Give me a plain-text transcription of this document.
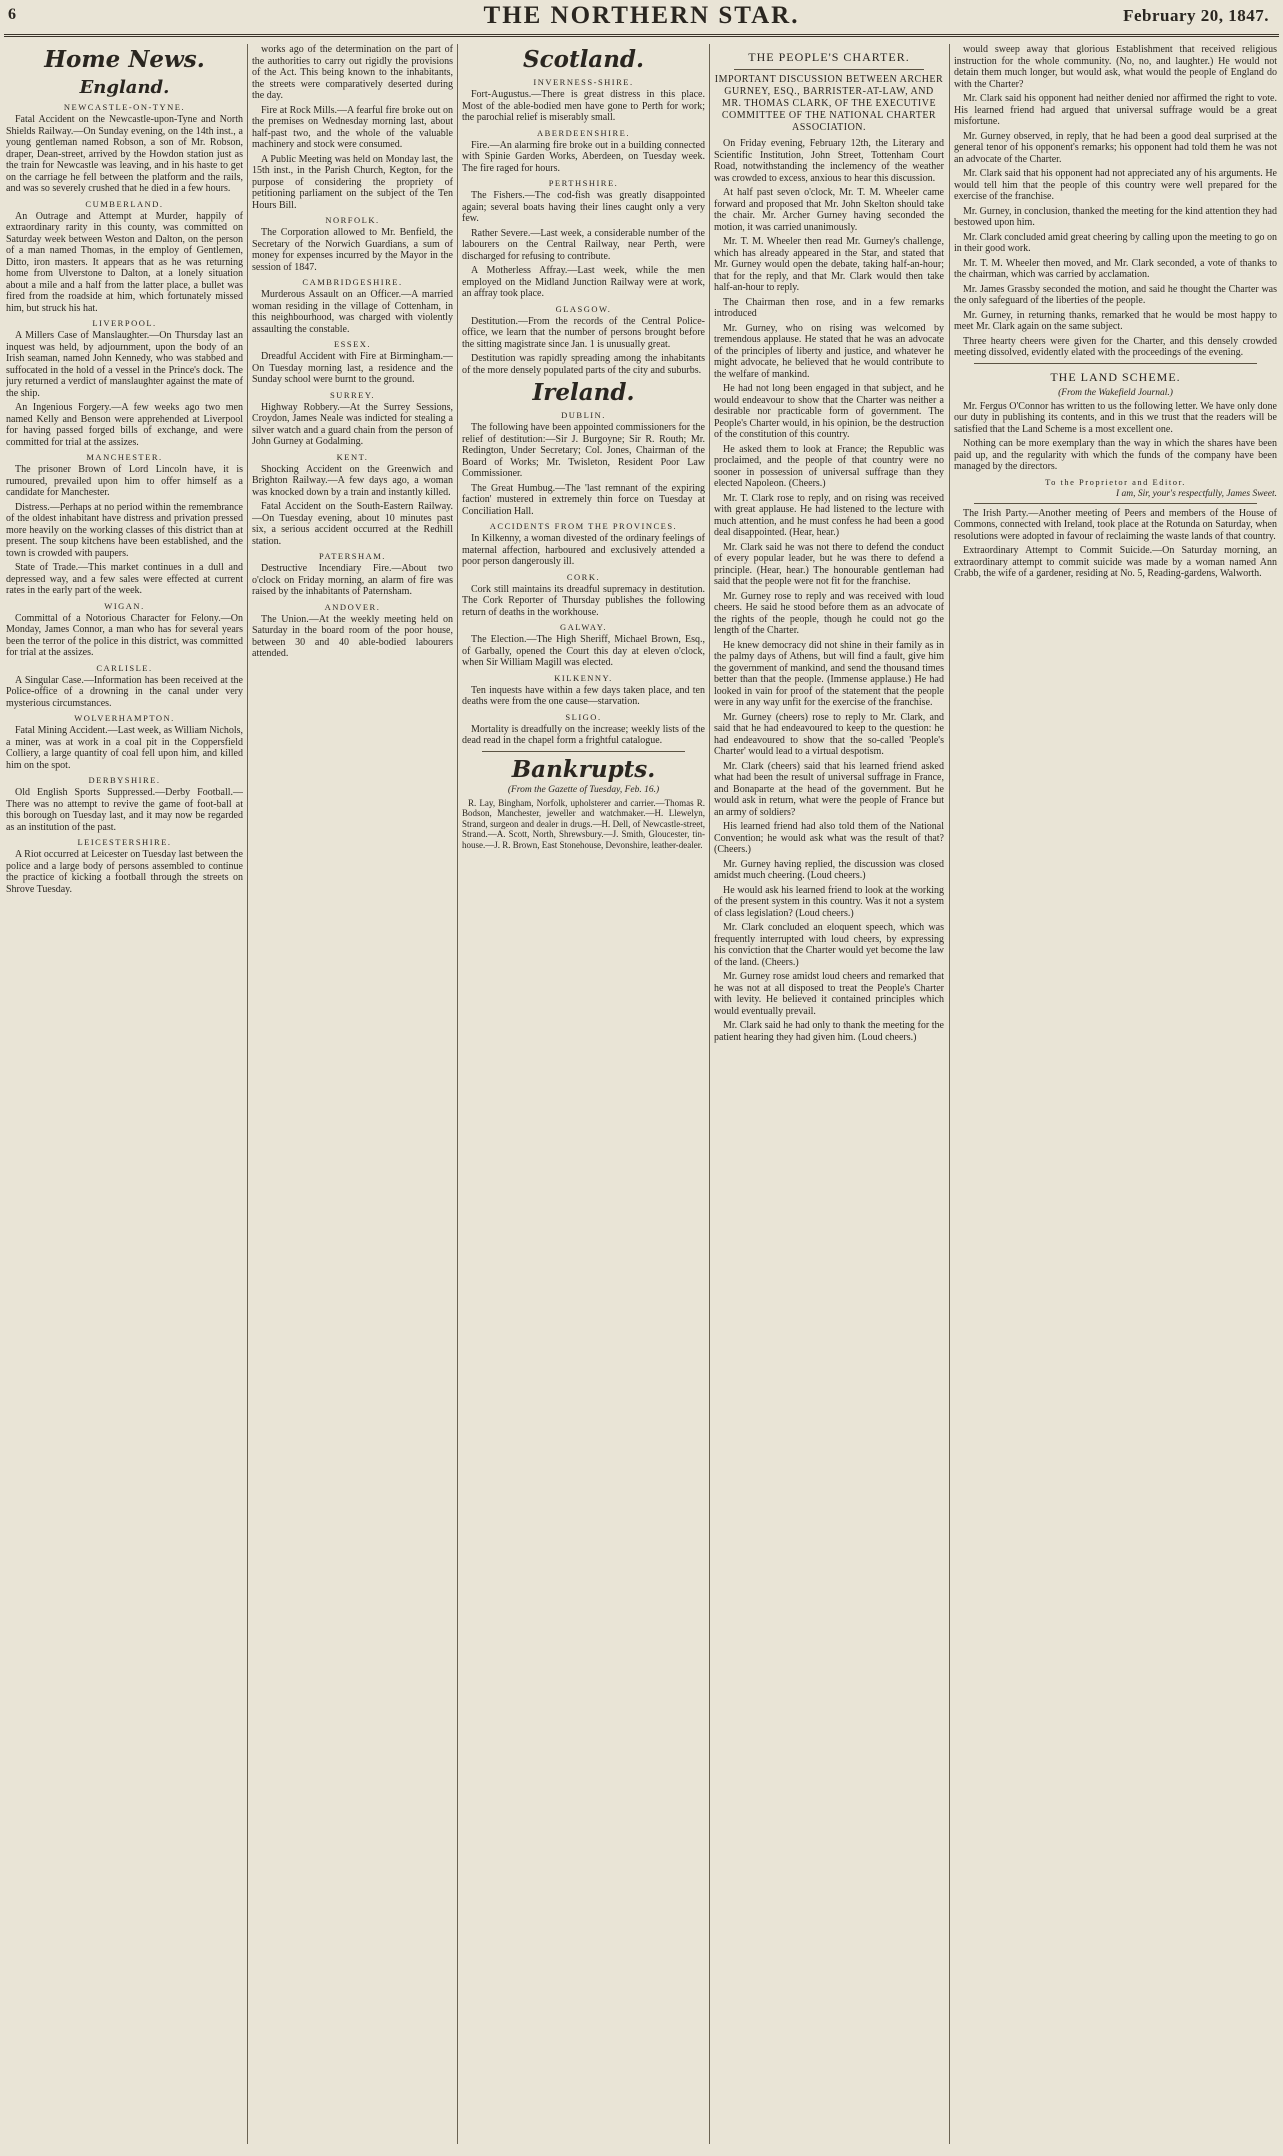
6	THE NORTHERN STAR.	February 20, 1847.
Home News.
England.
NEWCASTLE-ON-TYNE.

Fatal Accident on the Newcastle-upon-Tyne and North Shields Railway.—On Sunday evening, on the 14th inst., a young gentleman named Robson, a son of Mr. Robson, draper, Dean-street, arrived by the Howdon station just as the train for Newcastle was leaving, and in his haste to get on the carriage he fell between the platform and the rails, and was so severely crushed that he died in a few hours.

CUMBERLAND.

An Outrage and Attempt at Murder, happily of extraordinary rarity in this county, was committed on Saturday week between Weston and Dalton, on the person of a man named Thomas, in the employ of Gentlemen, Ditto, iron masters. It appears that as he was returning home from Ulverstone to Dalton, at a lonely situation about a mile and a half from the latter place, a bullet was fired from the roadside at him, which fortunately missed him, but struck his hat.

LIVERPOOL.

A Millers Case of Manslaughter.—On Thursday last an inquest was held, by adjournment, upon the body of an Irish seaman, named John Kennedy, who was stabbed and suffocated in the hold of a vessel in the Prince's dock. The jury returned a verdict of manslaughter against the mate of the ship.

An Ingenious Forgery.—A few weeks ago two men named Kelly and Benson were apprehended at Liverpool for having passed forged bills of exchange, and were committed for trial at the assizes.

MANCHESTER.

The prisoner Brown of Lord Lincoln have, it is rumoured, prevailed upon him to offer himself as a candidate for Manchester.

Distress.—Perhaps at no period within the remembrance of the oldest inhabitant have distress and privation pressed more heavily on the working classes of this district than at present. The soup kitchens have been established, and the town is crowded with paupers.

State of Trade.—This market continues in a dull and depressed way, and a few sales were effected at current rates in the early part of the week.

WIGAN.

Committal of a Notorious Character for Felony.—On Monday, James Connor, a man who has for several years been the terror of the police in this district, was committed for trial at the assizes.

CARLISLE.

A Singular Case.—Information has been received at the Police-office of a drowning in the canal under very mysterious circumstances.

WOLVERHAMPTON.

Fatal Mining Accident.—Last week, as William Nichols, a miner, was at work in a coal pit in the Coppersfield Colliery, a large quantity of coal fell upon him, and killed him on the spot.

DERBYSHIRE.

Old English Sports Suppressed.—Derby Football.—There was no attempt to revive the game of foot-ball at this borough on Tuesday last, and it may now be regarded as an institution of the past.

LEICESTERSHIRE.

A Riot occurred at Leicester on Tuesday last between the police and a large body of persons assembled to continue the practice of kicking a football through the streets on Shrove Tuesday.

works ago of the determination on the part of the authorities to carry out rigidly the provisions of the Act. This being known to the inhabitants, the streets were comparatively deserted during the day.

Fire at Rock Mills.—A fearful fire broke out on the premises on Wednesday morning last, about half-past two, and the whole of the valuable machinery and stock were consumed.

A Public Meeting was held on Monday last, the 15th inst., in the Parish Church, Kegton, for the purpose of considering the propriety of petitioning parliament on the subject of the Ten Hours Bill.

NORFOLK.

The Corporation allowed to Mr. Benfield, the Secretary of the Norwich Guardians, a sum of money for expenses incurred by the Mayor in the session of 1847.

CAMBRIDGESHIRE.

Murderous Assault on an Officer.—A married woman residing in the village of Cottenham, in this neighbourhood, was charged with violently assaulting the constable.

ESSEX.

Dreadful Accident with Fire at Birmingham.—On Tuesday morning last, a residence and the Sunday school were burnt to the ground.

SURREY.

Highway Robbery.—At the Surrey Sessions, Croydon, James Neale was indicted for stealing a silver watch and a guard chain from the person of John Gurney at Godalming.

KENT.

Shocking Accident on the Greenwich and Brighton Railway.—A few days ago, a woman was knocked down by a train and instantly killed.

Fatal Accident on the South-Eastern Railway.—On Tuesday evening, about 10 minutes past six, a serious accident occurred at the Redhill station.

PATERSHAM.

Destructive Incendiary Fire.—About two o'clock on Friday morning, an alarm of fire was raised by the inhabitants of Paternsham.

ANDOVER.

The Union.—At the weekly meeting held on Saturday in the board room of the poor house, between 30 and 40 able-bodied labourers attended.

Scotland.
INVERNESS-SHIRE.

Fort-Augustus.—There is great distress in this place. Most of the able-bodied men have gone to Perth for work; the parochial relief is miserably small.

ABERDEENSHIRE.

Fire.—An alarming fire broke out in a building connected with Spinie Garden Works, Aberdeen, on Tuesday week. The fire raged for hours.

PERTHSHIRE.

The Fishers.—The cod-fish was greatly disappointed again; several boats having their lines caught only a very few.

Rather Severe.—Last week, a considerable number of the labourers on the Central Railway, near Perth, were discharged for refusing to contribute.

A Motherless Affray.—Last week, while the men employed on the Midland Junction Railway were at work, an affray took place.

GLASGOW.

Destitution.—From the records of the Central Police-office, we learn that the number of persons brought before the sitting magistrate since Jan. 1 is unusually great.

Destitution was rapidly spreading among the inhabitants of the more densely populated parts of the city and suburbs.

Ireland.
DUBLIN.

The following have been appointed commissioners for the relief of destitution:—Sir J. Burgoyne; Sir R. Routh; Mr. Redington, Under Secretary; Col. Jones, Chairman of the Board of Works; Mr. Twisleton, Resident Poor Law Commissioner.

The Great Humbug.—The 'last remnant of the expiring faction' mustered in extremely thin force on Tuesday at Conciliation Hall.

ACCIDENTS FROM THE PROVINCES.

In Kilkenny, a woman divested of the ordinary feelings of maternal affection, harboured and exclusively attended a poor person dangerously ill.

CORK.

Cork still maintains its dreadful supremacy in destitution. The Cork Reporter of Thursday publishes the following return of deaths in the workhouse.

GALWAY.

The Election.—The High Sheriff, Michael Brown, Esq., of Garbally, opened the Court this day at eleven o'clock, when Sir William Magill was elected.

KILKENNY.

Ten inquests have within a few days taken place, and ten deaths were from the one cause—starvation.

SLIGO.

Mortality is dreadfully on the increase; weekly lists of the dead read in the chapel form a frightful catalogue.

Bankrupts.
(From the Gazette of Tuesday, Feb. 16.)
R. Lay, Bingham, Norfolk, upholsterer and carrier.—Thomas R. Bodson, Manchester, jeweller and watchmaker.—H. Llewelyn, Strand, surgeon and dealer in drugs.—H. Dell, of Newcastle-street, Strand.—A. Scott, North, Shrewsbury.—J. Smith, Gloucester, tin-house.—J. R. Brown, East Stonehouse, Devonshire, leather-dealer.
THE PEOPLE'S CHARTER.
IMPORTANT DISCUSSION BETWEEN ARCHER GURNEY, ESQ., BARRISTER-AT-LAW, AND MR. THOMAS CLARK, OF THE EXECUTIVE COMMITTEE OF THE NATIONAL CHARTER ASSOCIATION.

On Friday evening, February 12th, the Literary and Scientific Institution, John Street, Tottenham Court Road, notwithstanding the inclemency of the weather was crowded to excess, anxious to hear this discussion.

At half past seven o'clock, Mr. T. M. Wheeler came forward and proposed that Mr. John Skelton should take the chair. Mr. Archer Gurney having seconded the motion, it was carried unanimously.

Mr. T. M. Wheeler then read Mr. Gurney's challenge, which has already appeared in the Star, and stated that Mr. Gurney would open the debate, taking half-an-hour; that for the reply, and that Mr. Clark would then take half-an-hour to reply.

The Chairman then rose, and in a few remarks introduced

Mr. Gurney, who on rising was welcomed by tremendous applause. He stated that he was an advocate of the principles of liberty and justice, and whatever he might advocate, he believed that he would contribute to the welfare of mankind.

He had not long been engaged in that subject, and he would endeavour to show that the Charter was neither a desirable nor practicable form of government. The People's Charter would, in his opinion, be the destruction of the constitution of this country.

He asked them to look at France; the Republic was proclaimed, and the people of that country were no sooner in possession of universal suffrage than they elected Napoleon. (Cheers.)

Mr. T. Clark rose to reply, and on rising was received with great applause. He had listened to the lecture with much attention, and he must confess he had been a good deal disappointed. (Hear, hear.)

Mr. Clark said he was not there to defend the conduct of every popular leader, but he was there to defend a principle. (Hear, hear.) The honourable gentleman had said that the people were not fit for the franchise.

Mr. Gurney rose to reply and was received with loud cheers. He said he stood before them as an advocate of the rights of the people, though he could not go the length of the Charter.

He knew democracy did not shine in their family as in the palmy days of Athens, but will find a fault, give him the government of mankind, and send the thousand times better than that the people. (Immense applause.) He had looked in vain for proof of the statement that the people were in any way unfit for the exercise of the franchise.

Mr. Gurney (cheers) rose to reply to Mr. Clark, and said that he had endeavoured to keep to the question: he had endeavoured to show that the so-called 'People's Charter' would lead to a virtual despotism.

Mr. Clark (cheers) said that his learned friend asked what had been the result of universal suffrage in France, and Bonaparte at the head of the government. But he would ask in return, what were the people of France but an army of soldiers?

His learned friend had also told them of the National Convention; he would ask what was the result of that? (Cheers.)

Mr. Gurney having replied, the discussion was closed amidst much cheering. (Loud cheers.)

He would ask his learned friend to look at the working of the present system in this country. Was it not a system of class legislation? (Loud cheers.)

Mr. Clark concluded an eloquent speech, which was frequently interrupted with loud cheers, by expressing his conviction that the Charter would yet become the law of the land. (Cheers.)

Mr. Gurney rose amidst loud cheers and remarked that he was not at all disposed to treat the People's Charter with levity. He believed it contained principles which would eventually prevail.

Mr. Clark said he had only to thank the meeting for the patient hearing they had given him. (Loud cheers.)

would sweep away that glorious Establishment that received religious instruction for the whole community. (No, no, and laughter.) He would not detain them much longer, but would ask, what would the people of England do with the Charter?

Mr. Clark said his opponent had neither denied nor affirmed the right to vote. His learned friend had argued that universal suffrage would be a great misfortune.

Mr. Gurney observed, in reply, that he had been a good deal surprised at the general tenor of his opponent's remarks; his opponent had told them he was not an advocate of the Charter.

Mr. Clark said that his opponent had not appreciated any of his arguments. He would tell him that the people of this country were well prepared for the exercise of the franchise.

Mr. Gurney, in conclusion, thanked the meeting for the kind attention they had bestowed upon him.

Mr. Clark concluded amid great cheering by calling upon the meeting to go on in their good work.

Mr. T. M. Wheeler then moved, and Mr. Clark seconded, a vote of thanks to the chairman, which was carried by acclamation.

Mr. James Grassby seconded the motion, and said he thought the Charter was the only safeguard of the liberties of the people.

Mr. Gurney, in returning thanks, remarked that he would be most happy to meet Mr. Clark again on the same subject.

Three hearty cheers were given for the Charter, and this densely crowded meeting dissolved, evidently elated with the proceedings of the evening.

THE LAND SCHEME.
(From the Wakefield Journal.)

Mr. Fergus O'Connor has written to us the following letter. We have only done our duty in publishing its contents, and in this we trust that the readers will be satisfied that the Land Scheme is a most excellent one.

Nothing can be more exemplary than the way in which the shares have been paid up, and the regularity with which the funds of the company have been managed by the directors.

To the Proprietor and Editor.
I am, Sir, your's respectfully, James Sweet.

The Irish Party.—Another meeting of Peers and members of the House of Commons, connected with Ireland, took place at the Rotunda on Saturday, when resolutions were adopted in favour of reclaiming the waste lands of that country.

Extraordinary Attempt to Commit Suicide.—On Saturday morning, an extraordinary attempt to commit suicide was made by a woman named Ann Crabb, the wife of a gardener, residing at No. 5, Reading-gardens, Walworth.
